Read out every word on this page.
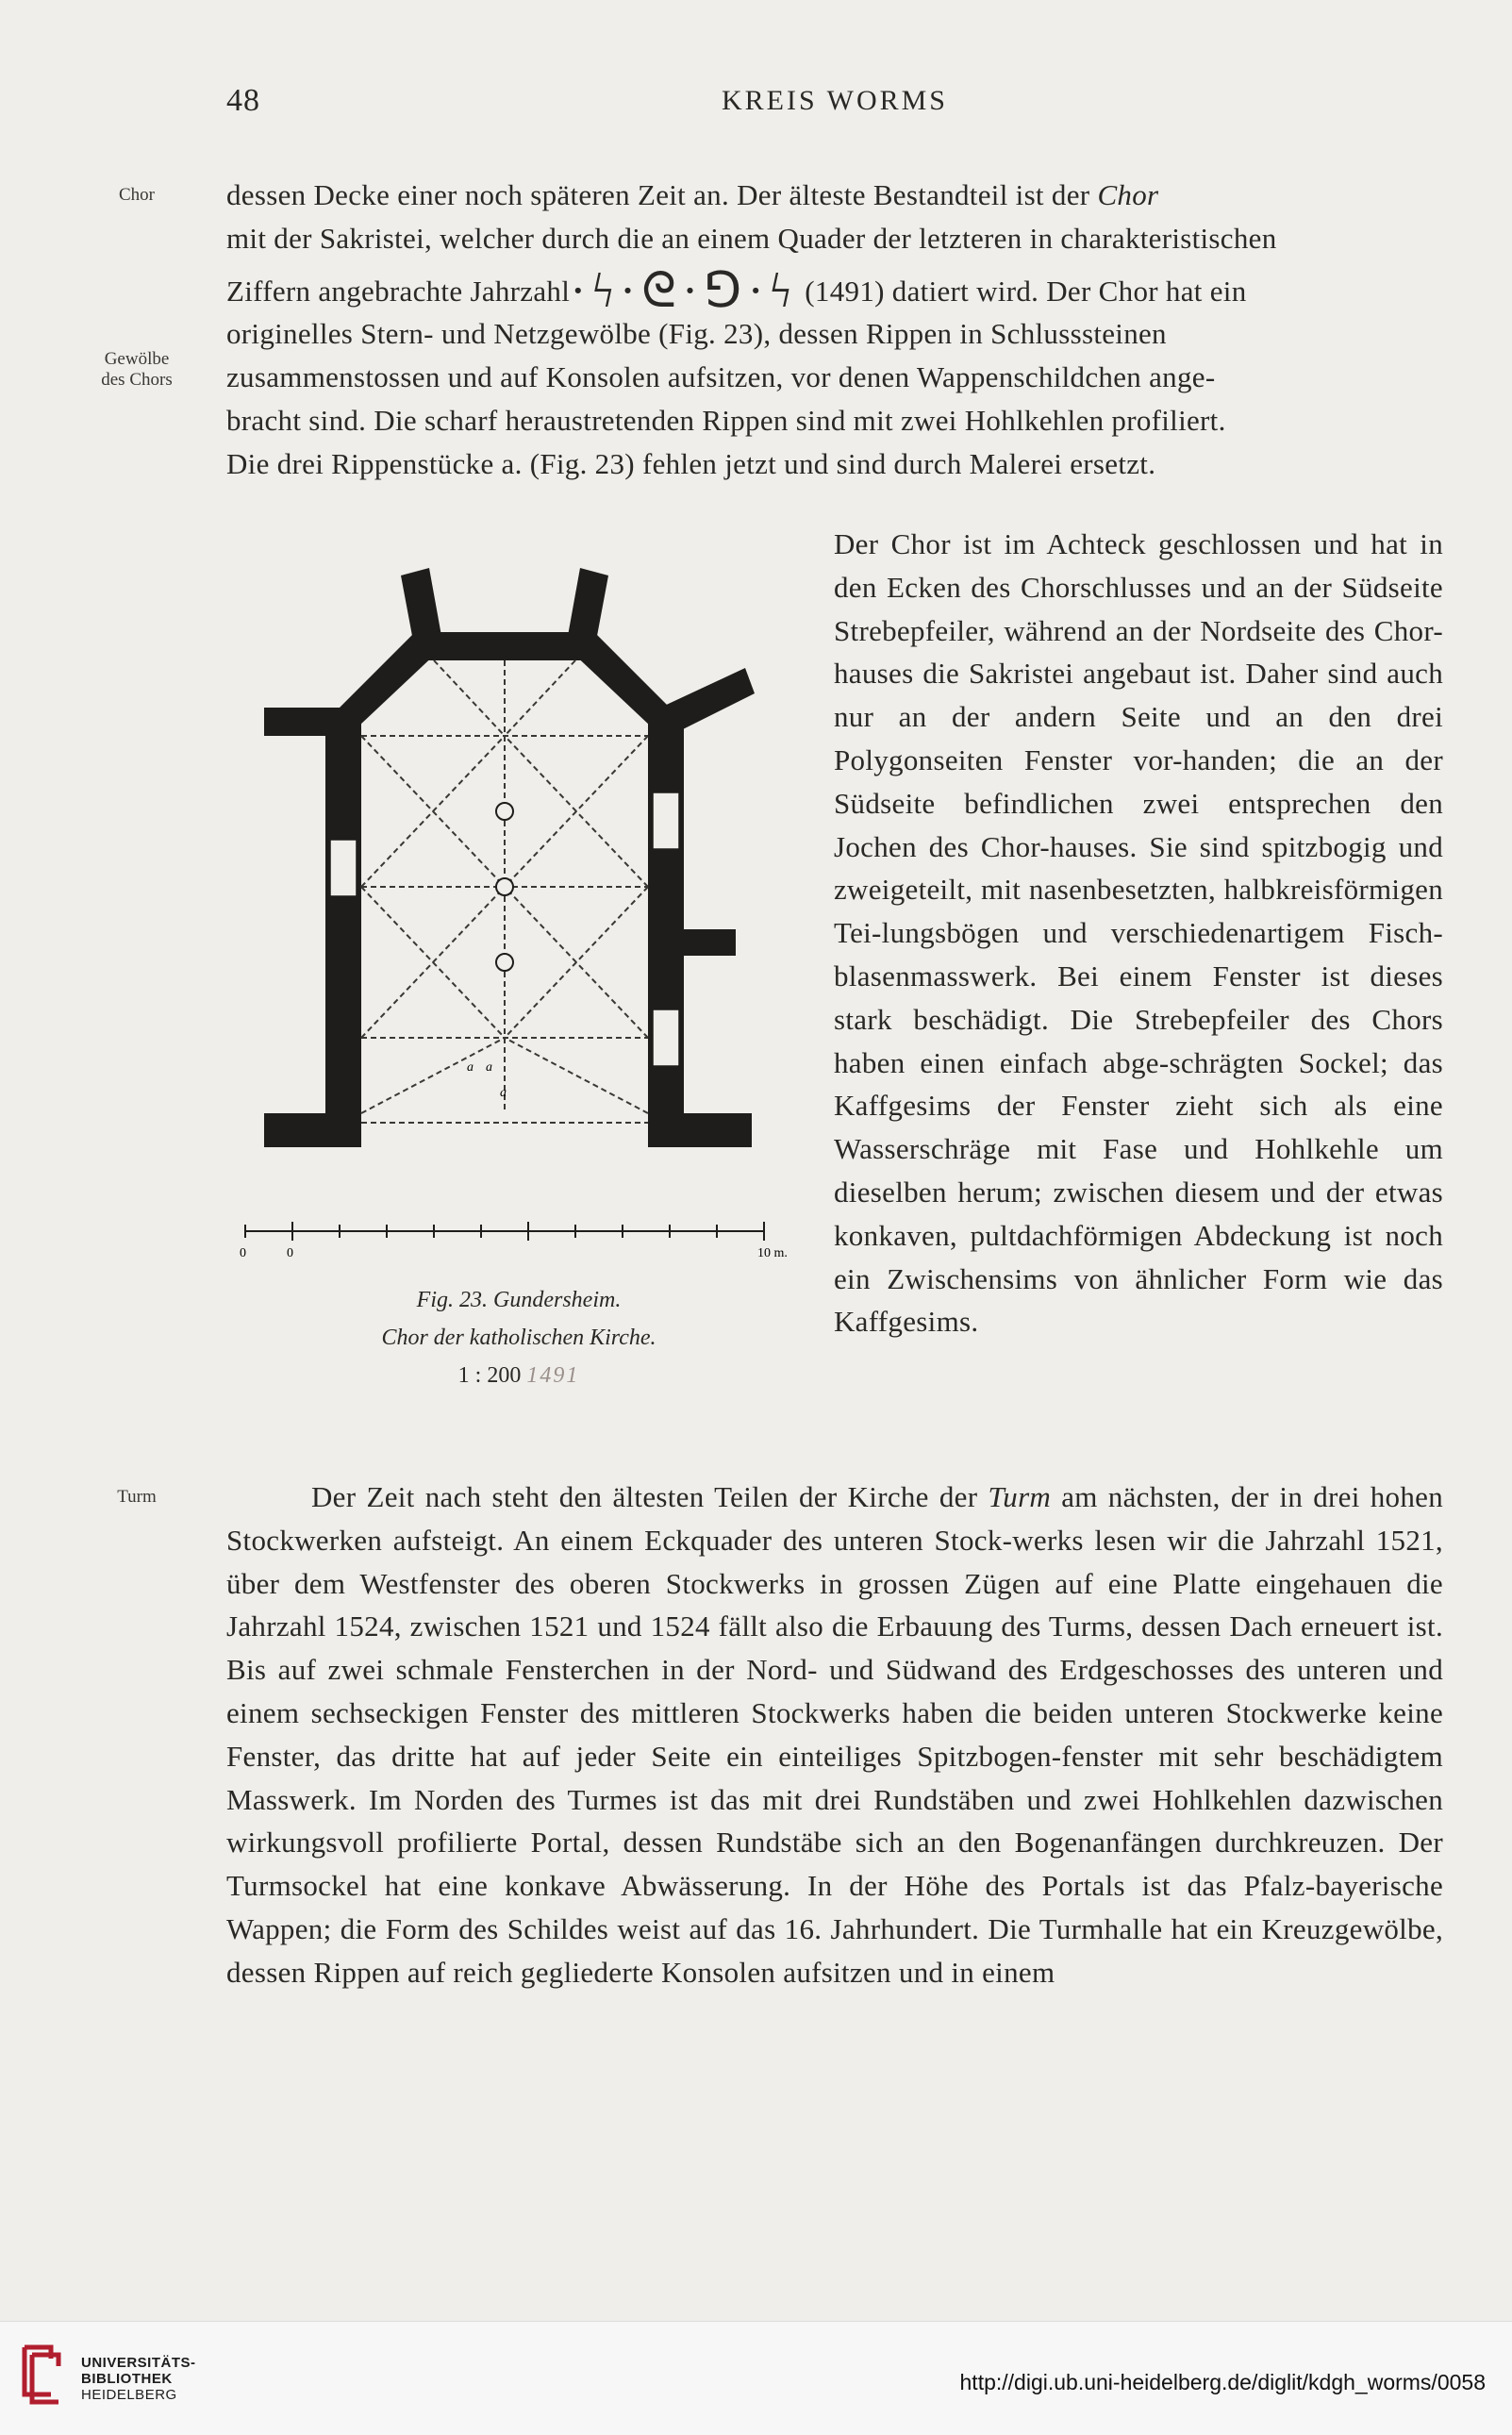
48	KREIS WORMS
Chor
Gewölbe
des Chors
Turm

dessen Decke einer noch späteren Zeit an. Der älteste Bestandteil ist der Chor

mit der Sakristei, welcher durch die an einem Quader der letzteren in charakteristischen

Ziffern angebrachte Jahrzahl·ϟ·ᘓ·⅁·ϟ (1491) datiert wird. Der Chor hat ein

originelles Stern- und Netzgewölbe (Fig. 23), dessen Rippen in Schlusssteinen

zusammenstossen und auf Konsolen aufsitzen, vor denen Wappenschildchen ange-

bracht sind. Die scharf heraustretenden Rippen sind mit zwei Hohlkehlen profiliert.

Die drei Rippenstücke a. (Fig. 23) fehlen jetzt und sind durch Malerei ersetzt.

Der Chor ist im Achteck geschlossen und hat in den Ecken des Chorschlusses und an der Südseite Strebepfeiler, während an der Nordseite des Chor-hauses die Sakristei angebaut ist. Daher sind auch nur an der andern Seite und an den drei Polygonseiten Fenster vor-handen; die an der Südseite befindlichen zwei entsprechen den Jochen des Chor-hauses. Sie sind spitzbogig und zweigeteilt, mit nasenbesetzten, halbkreisförmigen Tei-lungsbögen und verschiedenartigem Fisch-blasenmasswerk. Bei einem Fenster ist dieses stark beschädigt. Die Strebepfeiler des Chors haben einen einfach abge-schrägten Sockel; das Kaffgesims der Fenster zieht sich als eine Wasserschräge mit Fase und Hohlkehle um dieselben herum; zwischen diesem und der etwas konkaven, pultdachförmigen Abdeckung ist noch ein Zwischensims von ähnlicher Form wie das Kaffgesims.

a a
a
0	0	10 m.
Fig. 23. Gundersheim.
Chor der katholischen Kirche.
1 : 200 1491

Der Zeit nach steht den ältesten Teilen der Kirche der Turm am nächsten, der in drei hohen Stockwerken aufsteigt. An einem Eckquader des unteren Stock-werks lesen wir die Jahrzahl 1521, über dem Westfenster des oberen Stockwerks in grossen Zügen auf eine Platte eingehauen die Jahrzahl 1524, zwischen 1521 und 1524 fällt also die Erbauung des Turms, dessen Dach erneuert ist. Bis auf zwei schmale Fensterchen in der Nord- und Südwand des Erdgeschosses des unteren und einem sechseckigen Fenster des mittleren Stockwerks haben die beiden unteren Stockwerke keine Fenster, das dritte hat auf jeder Seite ein einteiliges Spitzbogen-fenster mit sehr beschädigtem Masswerk. Im Norden des Turmes ist das mit drei Rundstäben und zwei Hohlkehlen dazwischen wirkungsvoll profilierte Portal, dessen Rundstäbe sich an den Bogenanfängen durchkreuzen. Der Turmsockel hat eine konkave Abwässerung. In der Höhe des Portals ist das Pfalz-bayerische Wappen; die Form des Schildes weist auf das 16. Jahrhundert. Die Turmhalle hat ein Kreuzgewölbe, dessen Rippen auf reich gegliederte Konsolen aufsitzen und in einem

UNIVERSITÄTS-
BIBLIOTHEK
HEIDELBERG
http://digi.ub.uni-heidelberg.de/diglit/kdgh_worms/0058
